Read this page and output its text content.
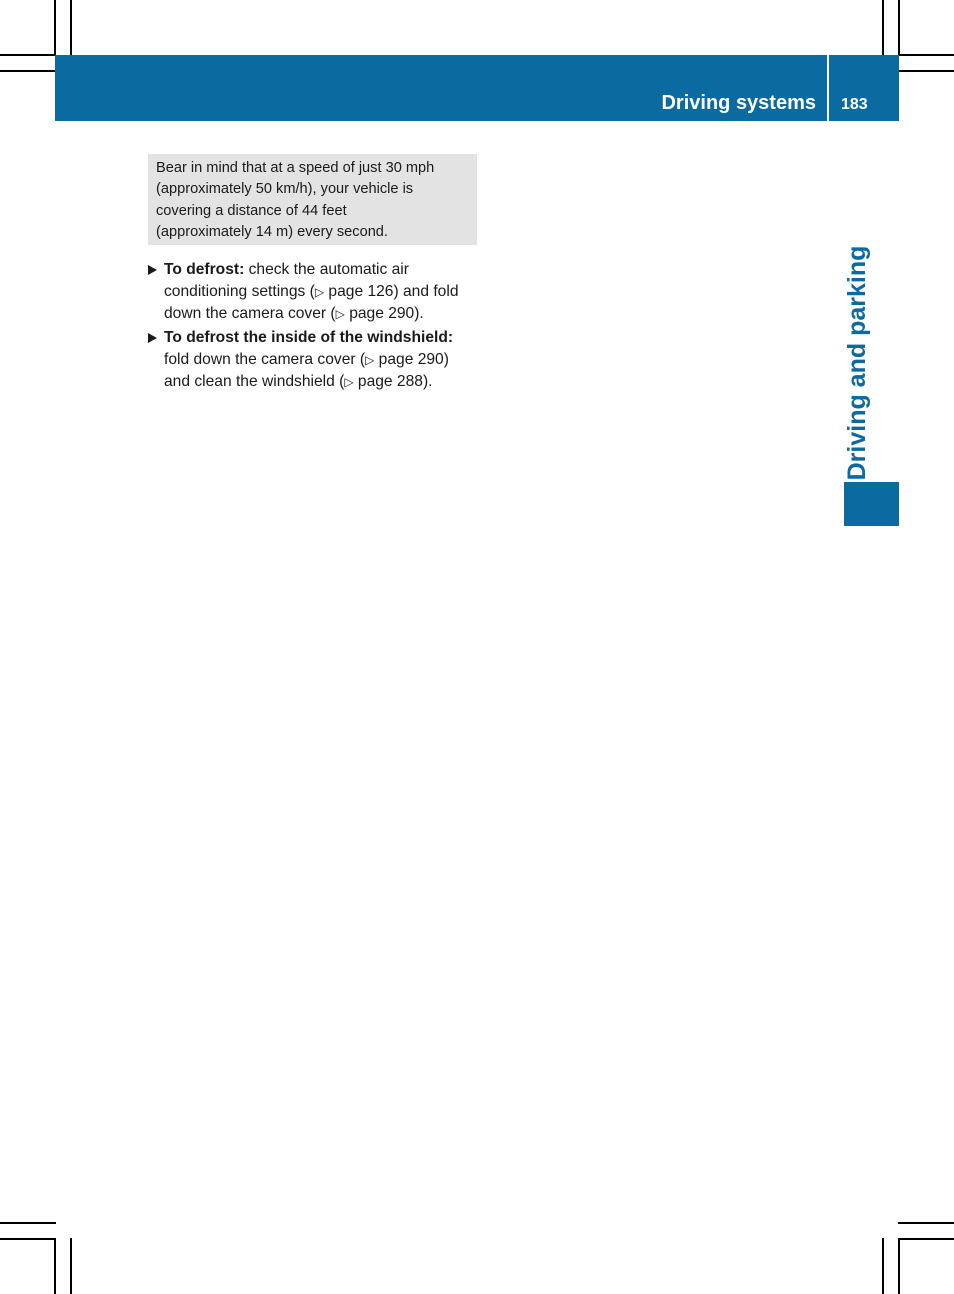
Driving systems 183
Driving and parking
Bear in mind that at a speed of just 30 mph
(approximately 50 km/h), your vehicle is
covering a distance of 44 feet
(approximately 14 m) every second.
To defrost: check the automatic air
conditioning settings (▷ page 126) and fold
down the camera cover (▷ page 290).
To defrost the inside of the windshield:
fold down the camera cover (▷ page 290)
and clean the windshield (▷ page 288).
